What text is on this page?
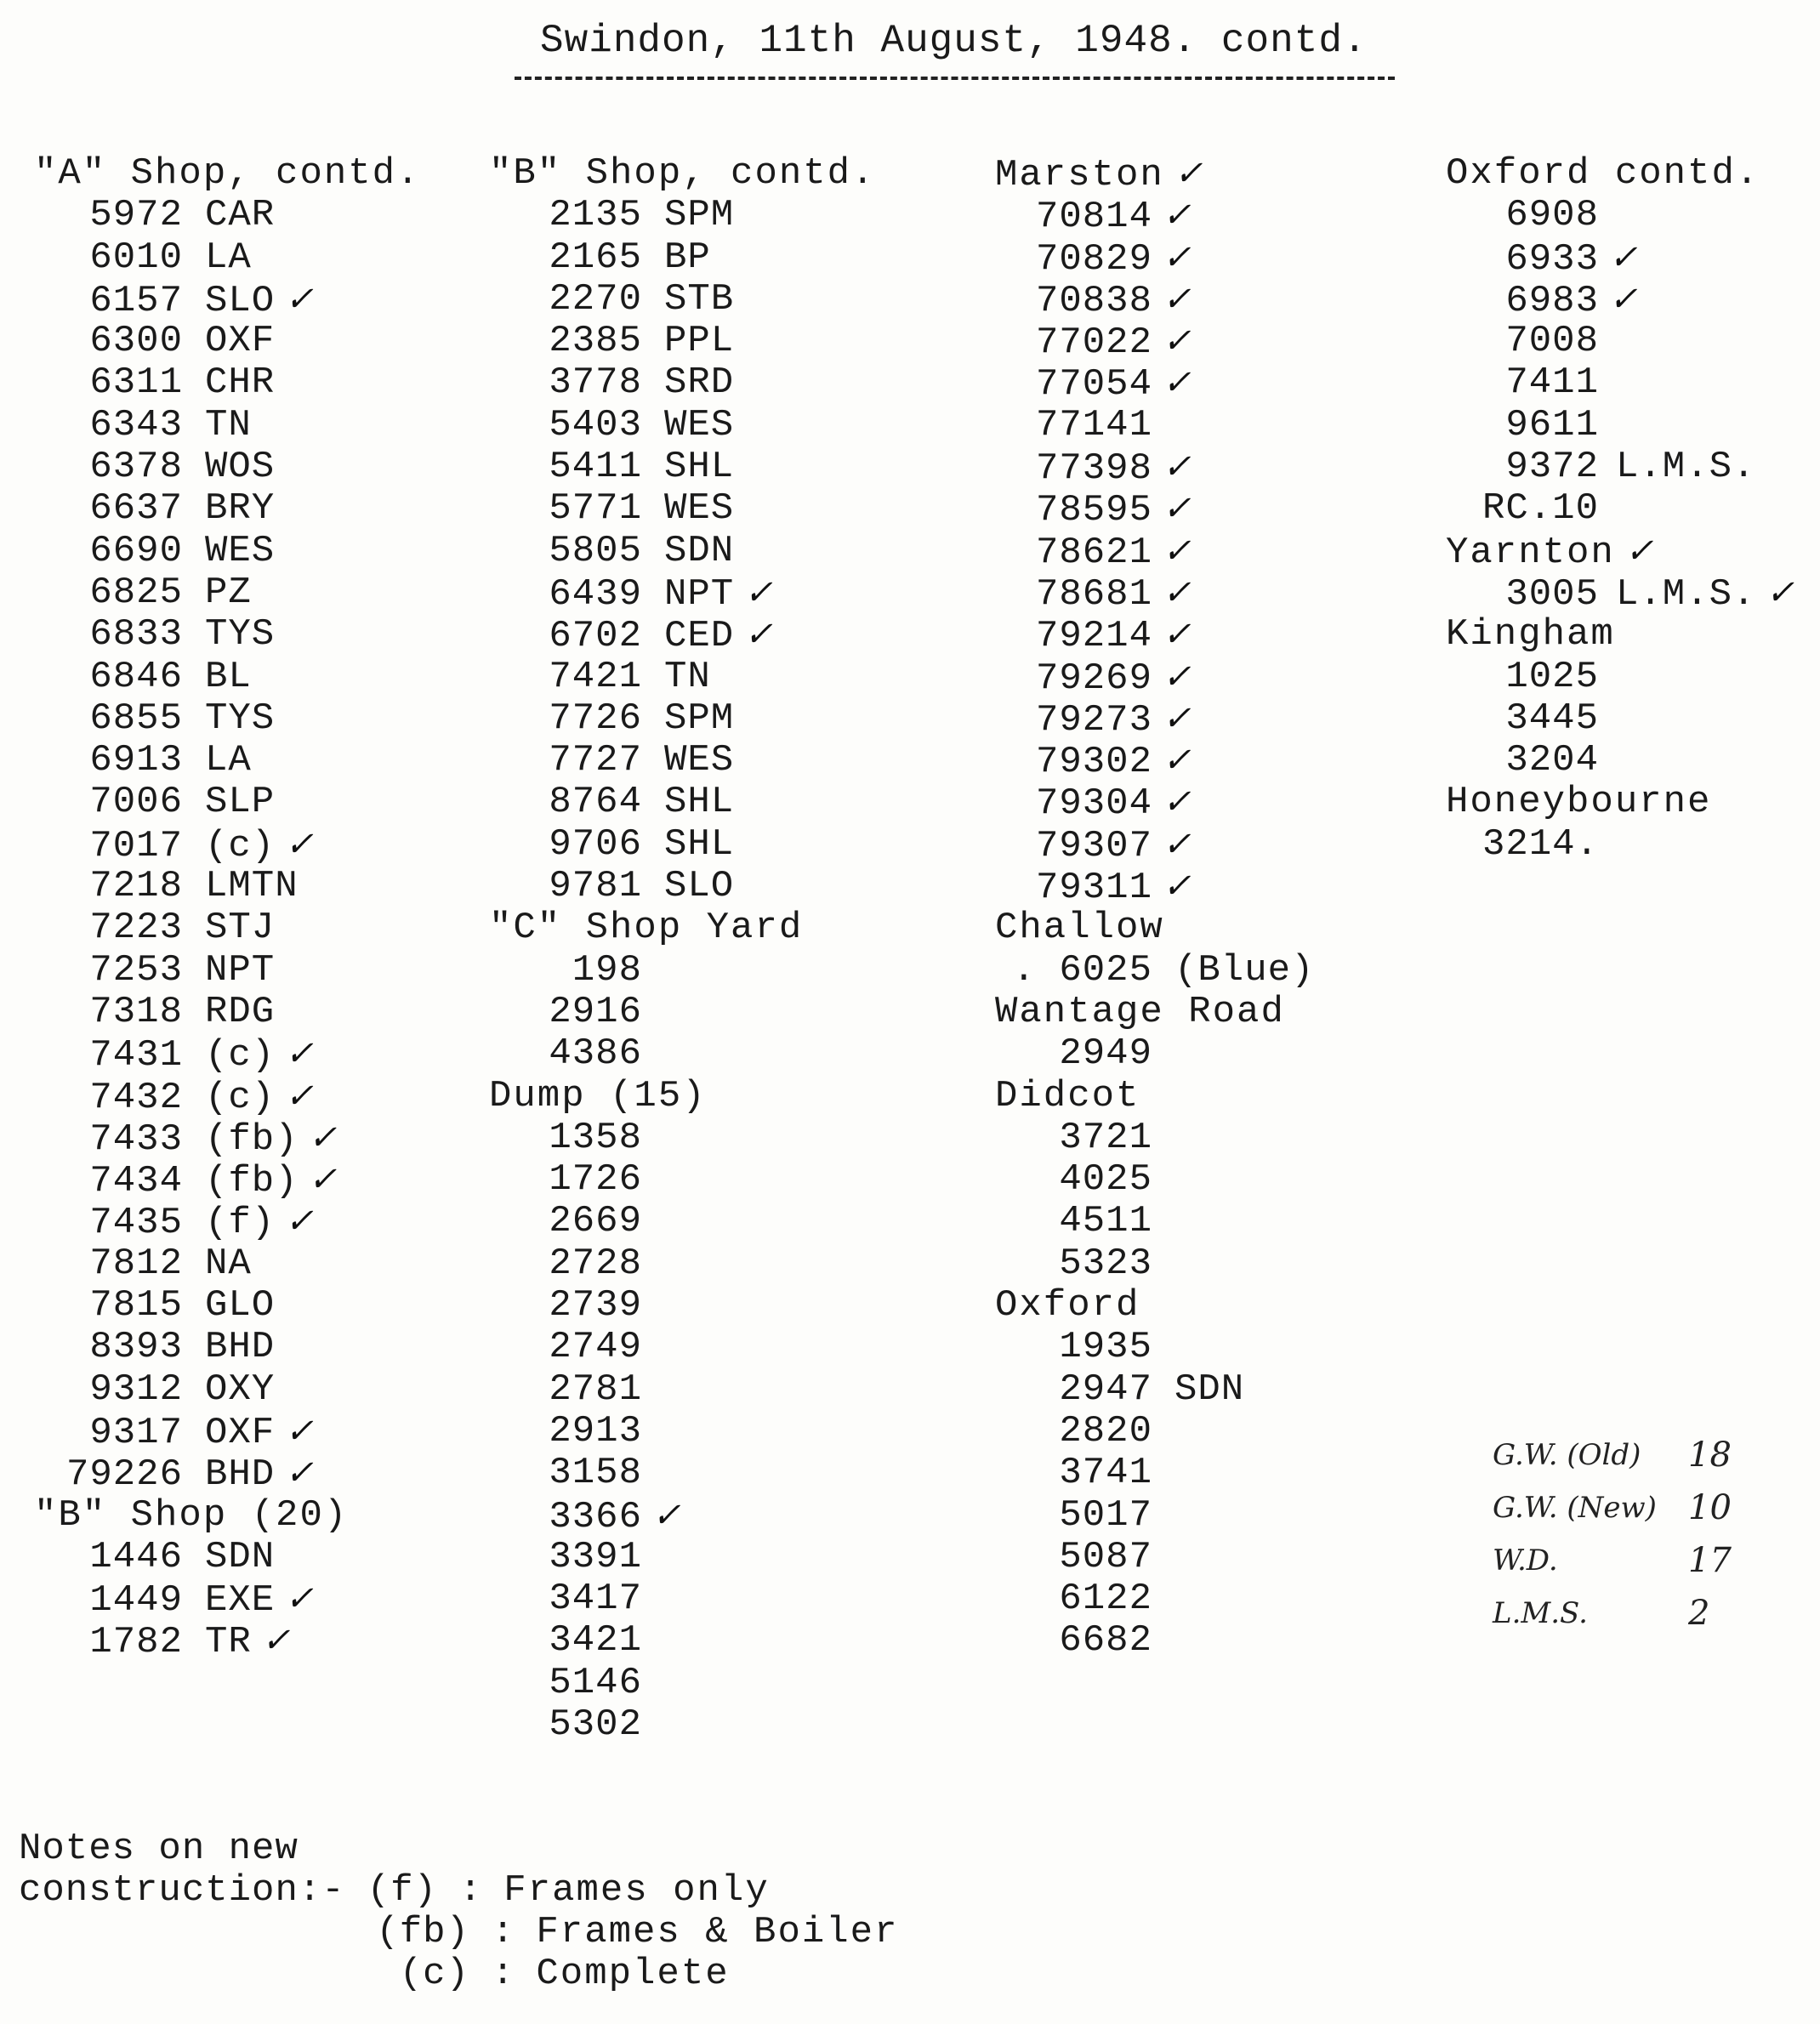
Swindon, 11th August, 1948. contd.
"A" Shop, contd.
5972 CAR
6010 LA
6157 SLO ✓
6300 OXF
6311 CHR
6343 TN
6378 WOS
6637 BRY
6690 WES
6825 PZ
6833 TYS
6846 BL
6855 TYS
6913 LA
7006 SLP
7017 (c) ✓
7218 LMTN
7223 STJ
7253 NPT
7318 RDG
7431 (c) ✓
7432 (c) ✓
7433 (fb) ✓
7434 (fb) ✓
7435 (f) ✓
7812 NA
7815 GLO
8393 BHD
9312 OXY
9317 OXF ✓
79226 BHD ✓
"B" Shop (20)
1446 SDN
1449 EXE ✓
1782 TR ✓
"B" Shop, contd.
2135 SPM
2165 BP
2270 STB
2385 PPL
3778 SRD
5403 WES
5411 SHL
5771 WES
5805 SDN
6439 NPT ✓
6702 CED ✓
7421 TN
7726 SPM
7727 WES
8764 SHL
9706 SHL
9781 SLO
"C" Shop Yard
198
2916
4386
Dump (15)
1358
1726
2669
2728
2739
2749
2781
2913
3158
3366 ✓
3391
3417
3421
5146
5302
Marston ✓
70814 ✓
70829 ✓
70838 ✓
77022 ✓
77054 ✓
77141
77398 ✓
78595 ✓
78621 ✓
78681 ✓
79214 ✓
79269 ✓
79273 ✓
79302 ✓
79304 ✓
79307 ✓
79311 ✓
Challow
. 6025 (Blue)
Wantage Road
2949
Didcot
3721
4025
4511
5323
Oxford
1935
2947 SDN
2820
3741
5017
5087
6122
6682
Oxford contd.
6908
6933 ✓
6983 ✓
7008
7411
9611
9372 L.M.S.
RC.10
Yarnton ✓
3005 L.M.S. ✓
Kingham
1025
3445
3204
Honeybourne
3214.
G.W. (Old)	18
G.W. (New) 10
W.D.	17
L.M.S.	2
Notes on new
construction:- (f) : Frames only
(fb) : Frames & Boiler
(c) : Complete
